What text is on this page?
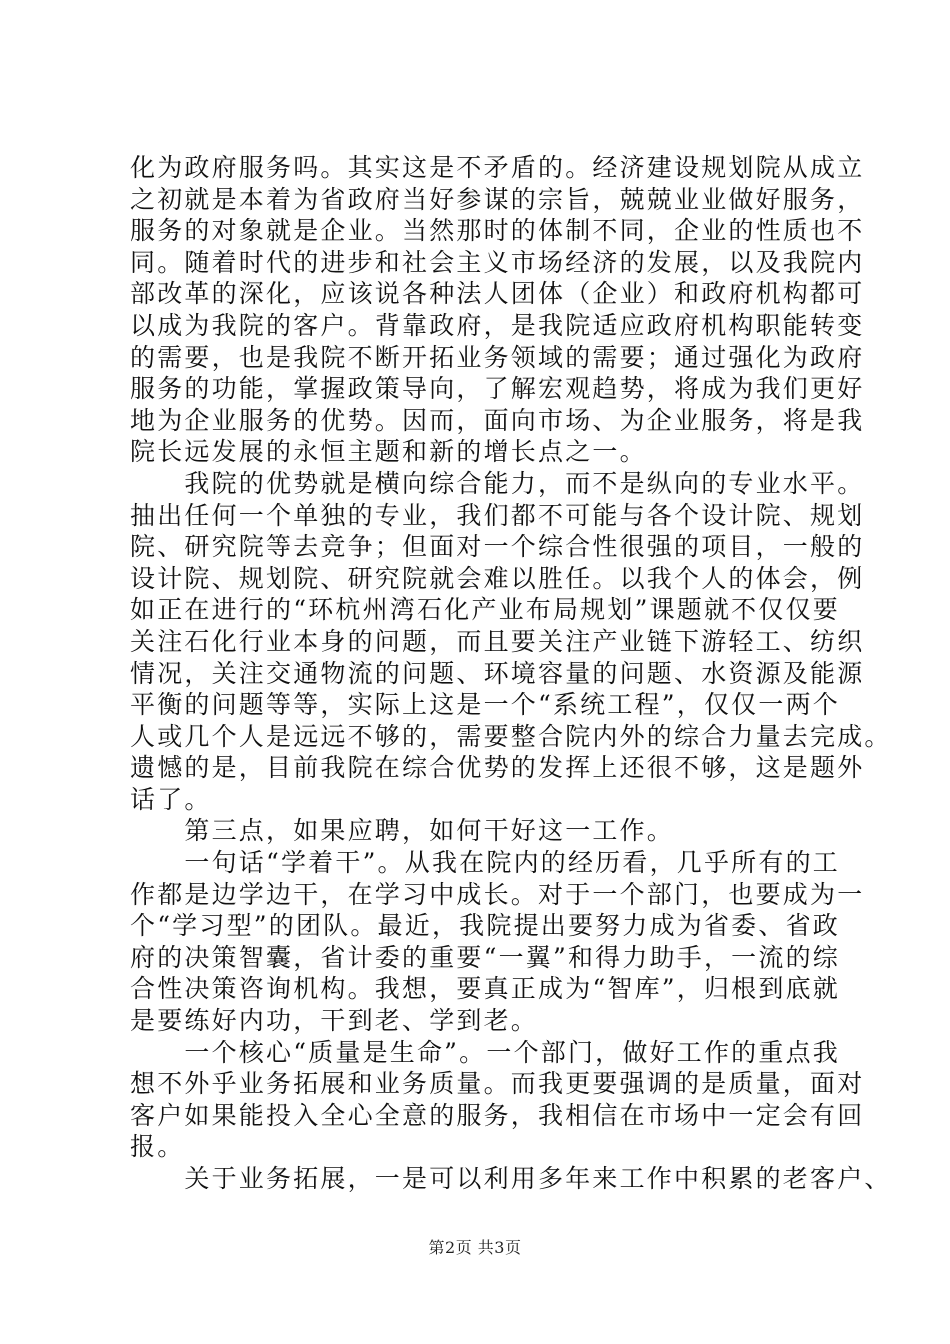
化为政府服务吗。其实这是不矛盾的。经济建设规划院从成立
之初就是本着为省政府当好参谋的宗旨，兢兢业业做好服务，
服务的对象就是企业。当然那时的体制不同，企业的性质也不
同。随着时代的进步和社会主义市场经济的发展，以及我院内
部改革的深化，应该说各种法人团体（企业）和政府机构都可
以成为我院的客户。背靠政府，是我院适应政府机构职能转变
的需要，也是我院不断开拓业务领域的需要；通过强化为政府
服务的功能，掌握政策导向，了解宏观趋势，将成为我们更好
地为企业服务的优势。因而，面向市场、为企业服务，将是我
院长远发展的永恒主题和新的增长点之一。
　　我院的优势就是横向综合能力，而不是纵向的专业水平。
抽出任何一个单独的专业，我们都不可能与各个设计院、规划
院、研究院等去竞争；但面对一个综合性很强的项目，一般的
设计院、规划院、研究院就会难以胜任。以我个人的体会，例
如正在进行的“环杭州湾石化产业布局规划”课题就不仅仅要
关注石化行业本身的问题，而且要关注产业链下游轻工、纺织
情况，关注交通物流的问题、环境容量的问题、水资源及能源
平衡的问题等等，实际上这是一个“系统工程”，仅仅一两个
人或几个人是远远不够的，需要整合院内外的综合力量去完成。
遗憾的是，目前我院在综合优势的发挥上还很不够，这是题外
话了。
　　第三点，如果应聘，如何干好这一工作。
　　一句话“学着干”。从我在院内的经历看，几乎所有的工
作都是边学边干，在学习中成长。对于一个部门，也要成为一
个“学习型”的团队。最近，我院提出要努力成为省委、省政
府的决策智囊，省计委的重要“一翼”和得力助手，一流的综
合性决策咨询机构。我想，要真正成为“智库”，归根到底就
是要练好内功，干到老、学到老。
　　一个核心“质量是生命”。一个部门，做好工作的重点我
想不外乎业务拓展和业务质量。而我更要强调的是质量，面对
客户如果能投入全心全意的服务，我相信在市场中一定会有回
报。
　　关于业务拓展，一是可以利用多年来工作中积累的老客户、
第2页 共3页
